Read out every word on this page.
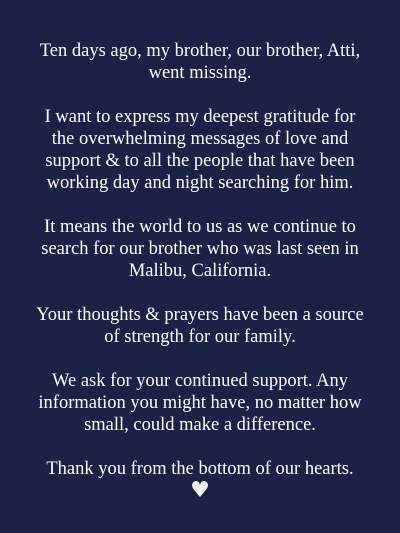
Ten days ago, my brother, our brother, Atti,
went missing.

I want to express my deepest gratitude for
the overwhelming messages of love and
support & to all the people that have been
working day and night searching for him.

It means the world to us as we continue to
search for our brother who was last seen in
Malibu, California.

Your thoughts & prayers have been a source
of strength for our family.

We ask for your continued support. Any
information you might have, no matter how
small, could make a difference.

Thank you from the bottom of our hearts.

♥
